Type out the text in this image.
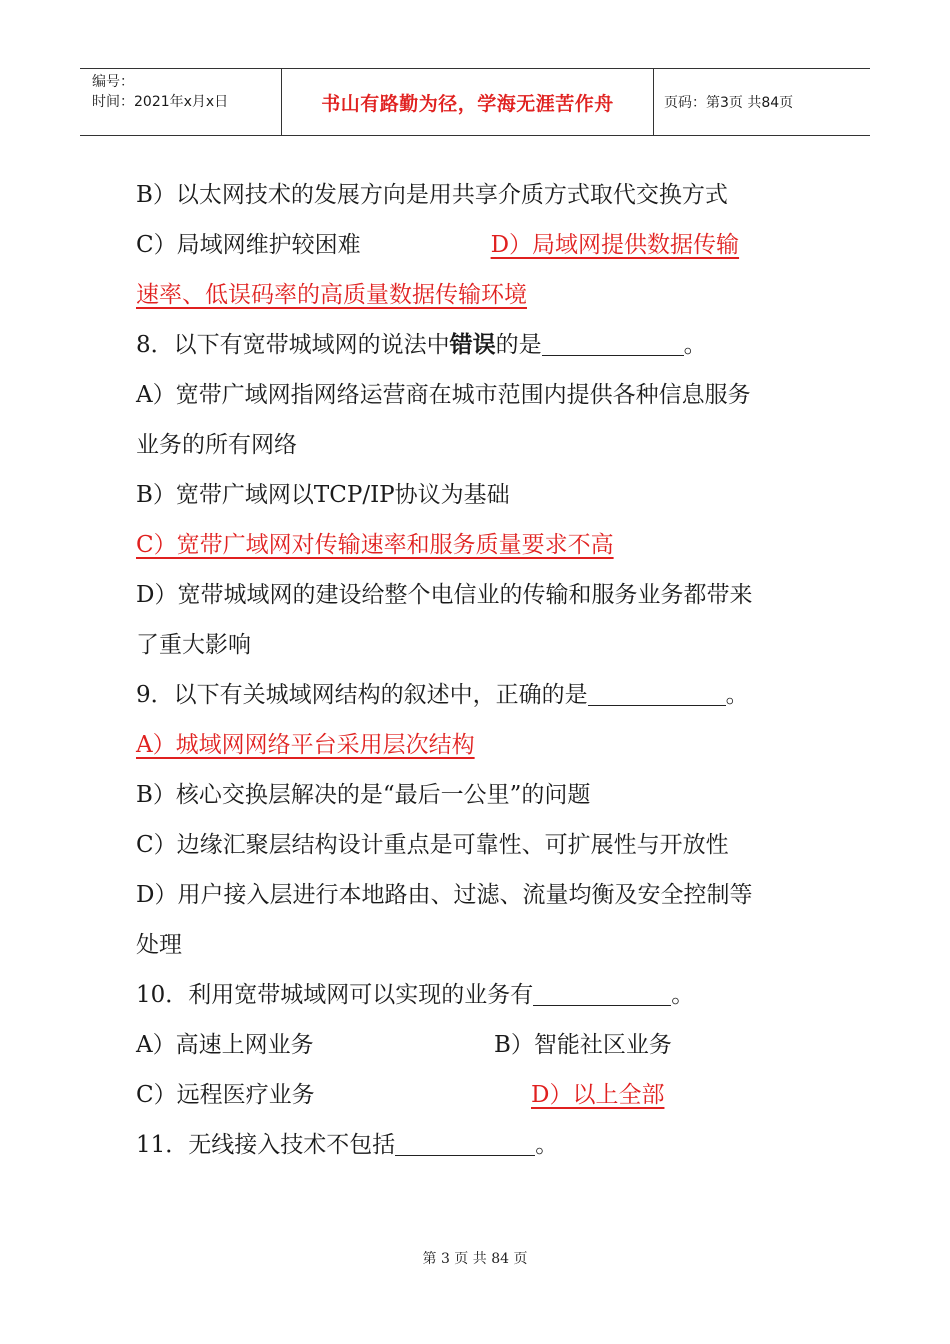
编号：
时间：2021年x月x日	书山有路勤为径，学海无涯苦作舟	页码：第3页 共84页
B）以太网技术的发展方向是用共享介质方式取代交换方式
C）局域网维护较困难	D）局域网提供数据传输
速率、低误码率的高质量数据传输环境
8．以下有宽带城域网的说法中错误的是	。
A）宽带广域网指网络运营商在城市范围内提供各种信息服务
业务的所有网络
B）宽带广域网以TCP/IP协议为基础
C）宽带广域网对传输速率和服务质量要求不高
D）宽带城域网的建设给整个电信业的传输和服务业务都带来
了重大影响
9．以下有关城域网结构的叙述中，正确的是	。
A）城域网网络平台采用层次结构
B）核心交换层解决的是“最后一公里”的问题
C）边缘汇聚层结构设计重点是可靠性、可扩展性与开放性
D）用户接入层进行本地路由、过滤、流量均衡及安全控制等
处理
10．利用宽带城域网可以实现的业务有	。
A）高速上网业务	B）智能社区业务
C）远程医疗业务	D）以上全部
11．无线接入技术不包括	。
第 3 页 共 84 页
